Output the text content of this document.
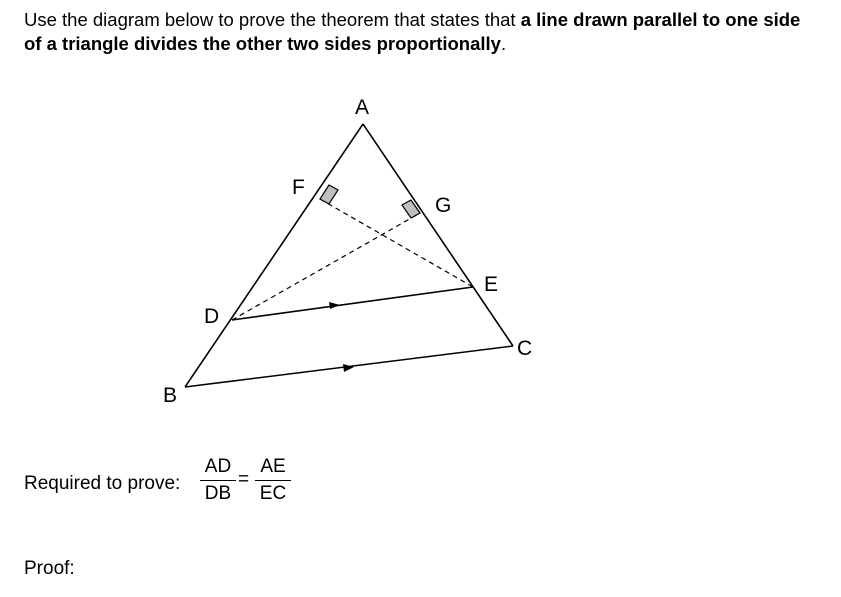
Use the diagram below to prove the theorem that states that a line drawn parallel to one side of a triangle divides the other two sides proportionally.

A
B
C
D
E
F
G
Required to prove:
AD
DB
=
AE
EC
Proof:
